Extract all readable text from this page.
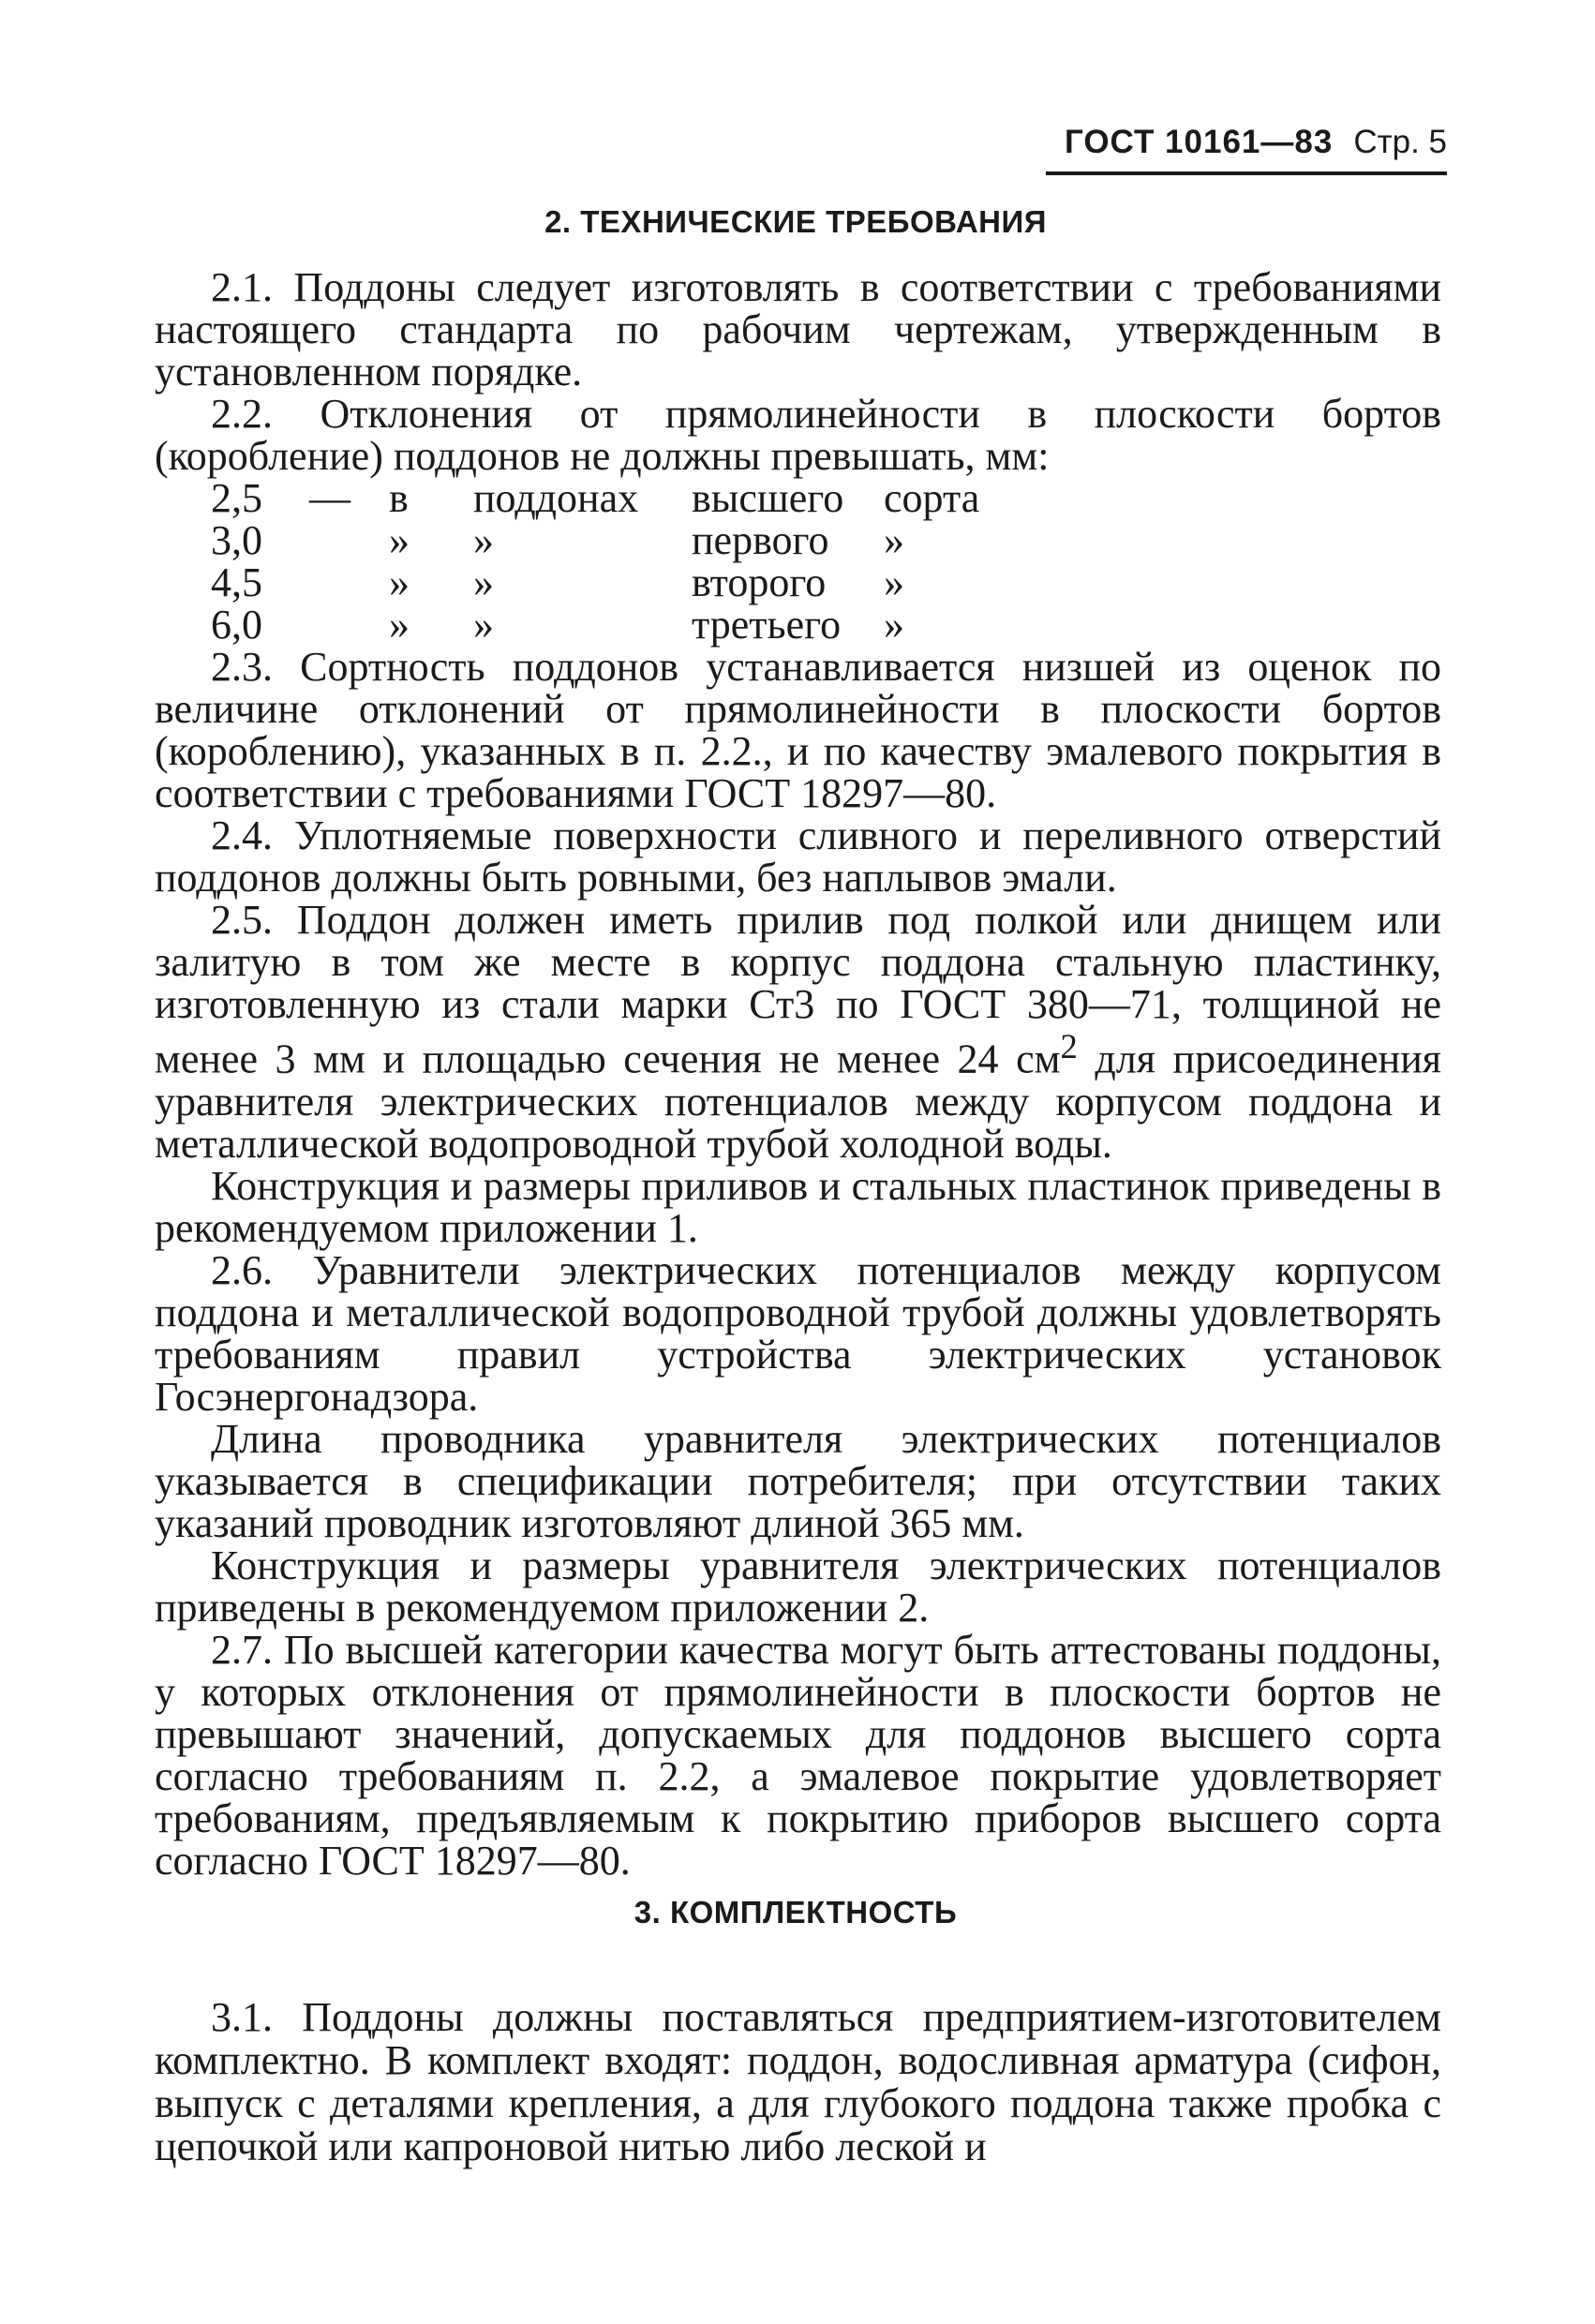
ГОСТ 10161—83 Стр. 5
2. ТЕХНИЧЕСКИЕ ТРЕБОВАНИЯ

2.1. Поддоны следует изготовлять в соответствии с требованиями настоящего стандарта по рабочим чертежам, утвержденным в установленном порядке.

2.2. Отклонения от прямолинейности в плоскости бортов (коробление) поддонов не должны превышать, мм:

2,5	— в	поддонах	высшего сорта
3,0	»	»	первого	»
4,5	»	»	второго	»
6,0	»	»	третьего	»

2.3. Сортность поддонов устанавливается низшей из оценок по величине отклонений от прямолинейности в плоскости бортов (короблению), указанных в п. 2.2., и по качеству эмалевого покрытия в соответствии с требованиями ГОСТ 18297—80.

2.4. Уплотняемые поверхности сливного и переливного отверстий поддонов должны быть ровными, без наплывов эмали.

2.5. Поддон должен иметь прилив под полкой или днищем или залитую в том же месте в корпус поддона стальную пластинку, изготовленную из стали марки Ст3 по ГОСТ 380—71, толщиной не менее 3 мм и площадью сечения не менее 24 $см^2$ для присоединения уравнителя электрических потенциалов между корпусом поддона и металлической водопроводной трубой холодной воды.

Конструкция и размеры приливов и стальных пластинок приведены в рекомендуемом приложении 1.

2.6. Уравнители электрических потенциалов между корпусом поддона и металлической водопроводной трубой должны удовлетворять требованиям правил устройства электрических установок Госэнергонадзора.

Длина проводника уравнителя электрических потенциалов указывается в спецификации потребителя; при отсутствии таких указаний проводник изготовляют длиной 365 мм.

Конструкция и размеры уравнителя электрических потенциалов приведены в рекомендуемом приложении 2.

2.7. По высшей категории качества могут быть аттестованы поддоны, у которых отклонения от прямолинейности в плоскости бортов не превышают значений, допускаемых для поддонов высшего сорта согласно требованиям п. 2.2, а эмалевое покрытие удовлетворяет требованиям, предъявляемым к покрытию приборов высшего сорта согласно ГОСТ 18297—80.

3. КОМПЛЕКТНОСТЬ

3.1. Поддоны должны поставляться предприятием-изготовителем комплектно. В комплект входят: поддон, водосливная арматура (сифон, выпуск с деталями крепления, а для глубокого поддона также пробка с цепочкой или капроновой нитью либо леской и
